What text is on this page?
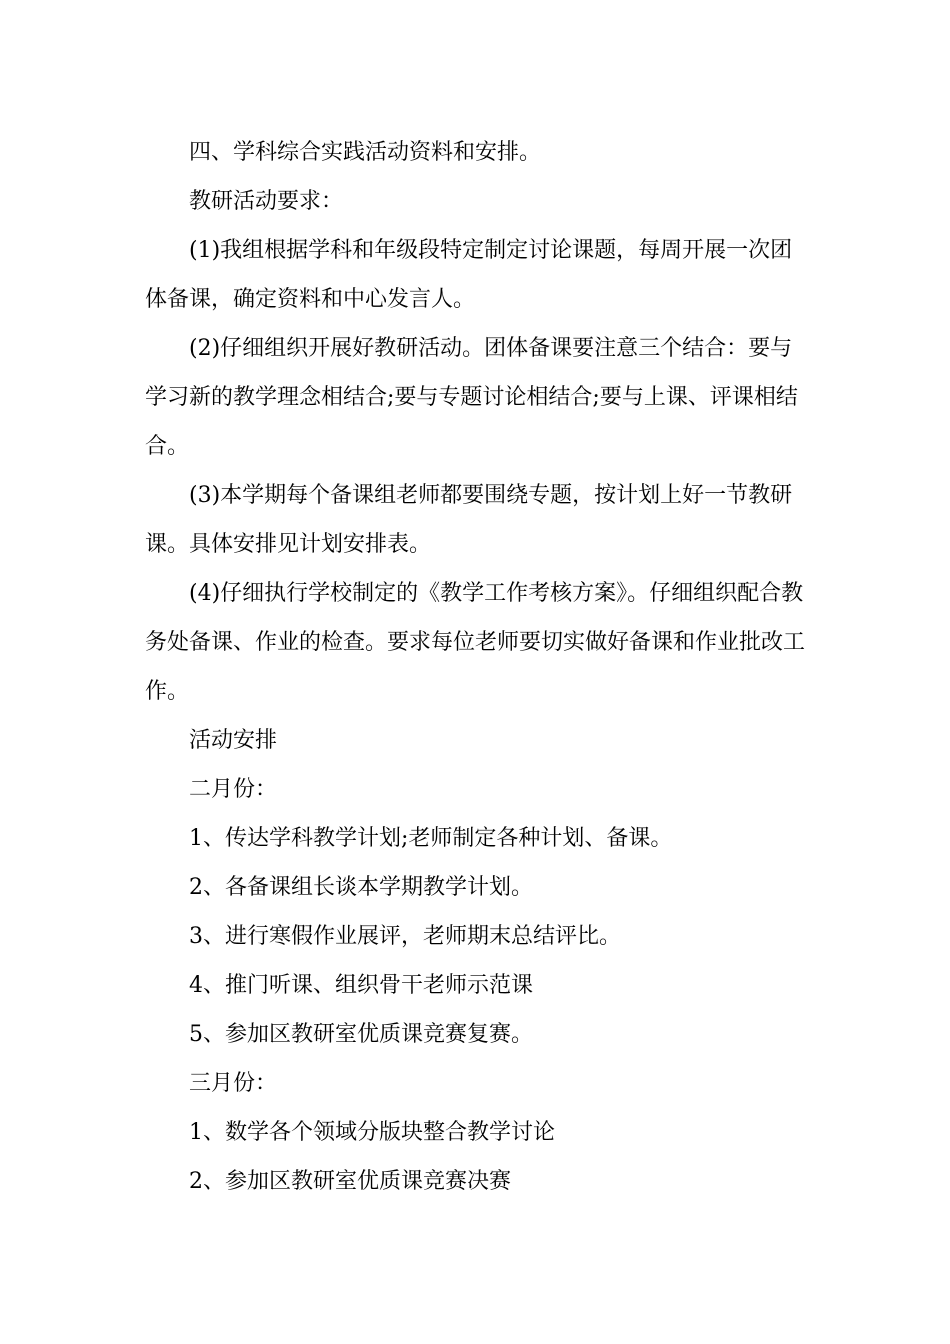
四、学科综合实践活动资料和安排。

教研活动要求：

(1)我组根据学科和年级段特定制定讨论课题，每周开展一次团体备课，确定资料和中心发言人。

(2)仔细组织开展好教研活动。团体备课要注意三个结合：要与学习新的教学理念相结合;要与专题讨论相结合;要与上课、评课相结合。

(3)本学期每个备课组老师都要围绕专题，按计划上好一节教研课。具体安排见计划安排表。

(4)仔细执行学校制定的《教学工作考核方案》。仔细组织配合教务处备课、作业的检查。要求每位老师要切实做好备课和作业批改工作。

活动安排

二月份：

1、传达学科教学计划;老师制定各种计划、备课。

2、各备课组长谈本学期教学计划。

3、进行寒假作业展评，老师期末总结评比。

4、推门听课、组织骨干老师示范课

5、参加区教研室优质课竞赛复赛。

三月份：

1、数学各个领域分版块整合教学讨论

2、参加区教研室优质课竞赛决赛
